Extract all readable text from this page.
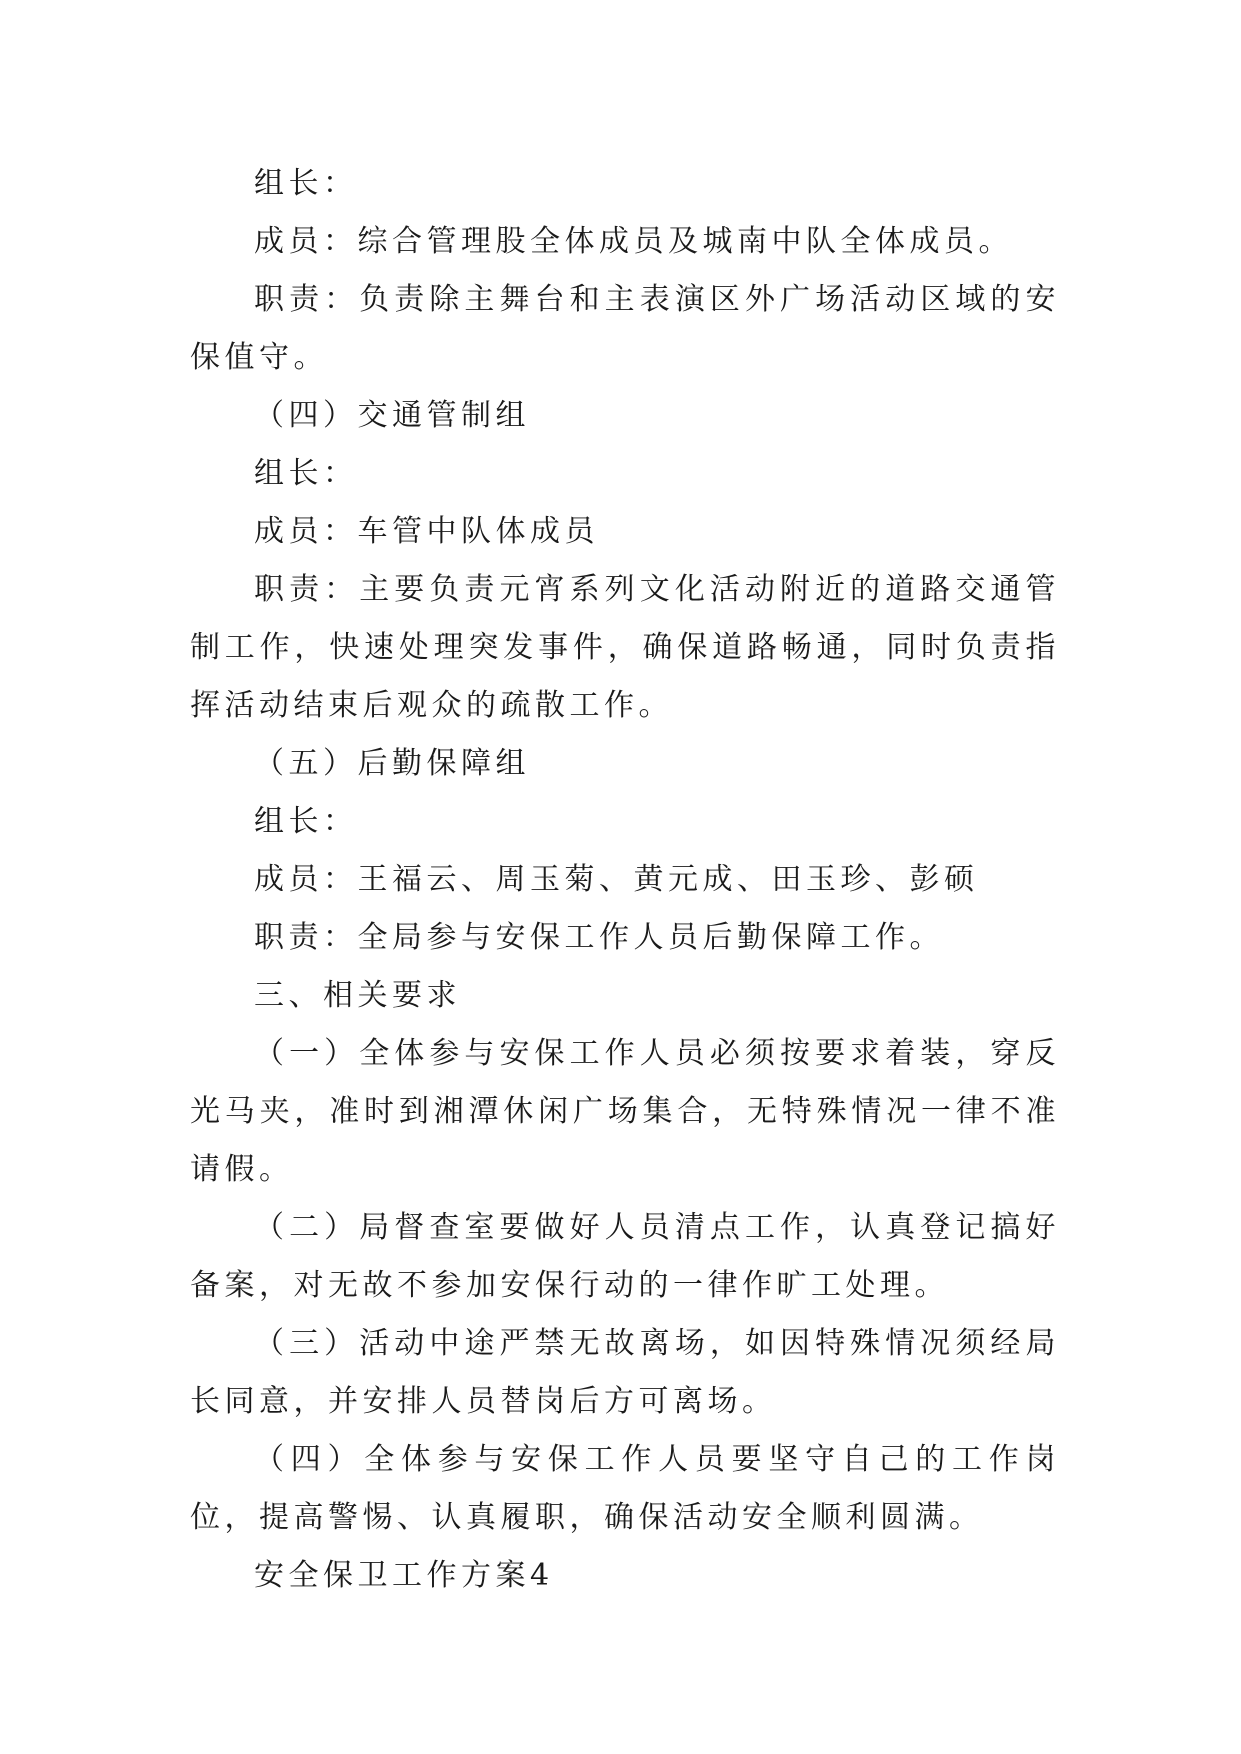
组长：

成员：综合管理股全体成员及城南中队全体成员。

职责：负责除主舞台和主表演区外广场活动区域的安保值守。

（四）交通管制组

组长：

成员：车管中队体成员

职责：主要负责元宵系列文化活动附近的道路交通管制工作，快速处理突发事件，确保道路畅通，同时负责指挥活动结束后观众的疏散工作。

（五）后勤保障组

组长：

成员：王福云、周玉菊、黄元成、田玉珍、彭硕

职责：全局参与安保工作人员后勤保障工作。

三、相关要求

（一）全体参与安保工作人员必须按要求着装，穿反光马夹，准时到湘潭休闲广场集合，无特殊情况一律不准请假。

（二）局督查室要做好人员清点工作，认真登记搞好备案，对无故不参加安保行动的一律作旷工处理。

（三）活动中途严禁无故离场，如因特殊情况须经局长同意，并安排人员替岗后方可离场。

（四）全体参与安保工作人员要坚守自己的工作岗位，提高警惕、认真履职，确保活动安全顺利圆满。

安全保卫工作方案4
